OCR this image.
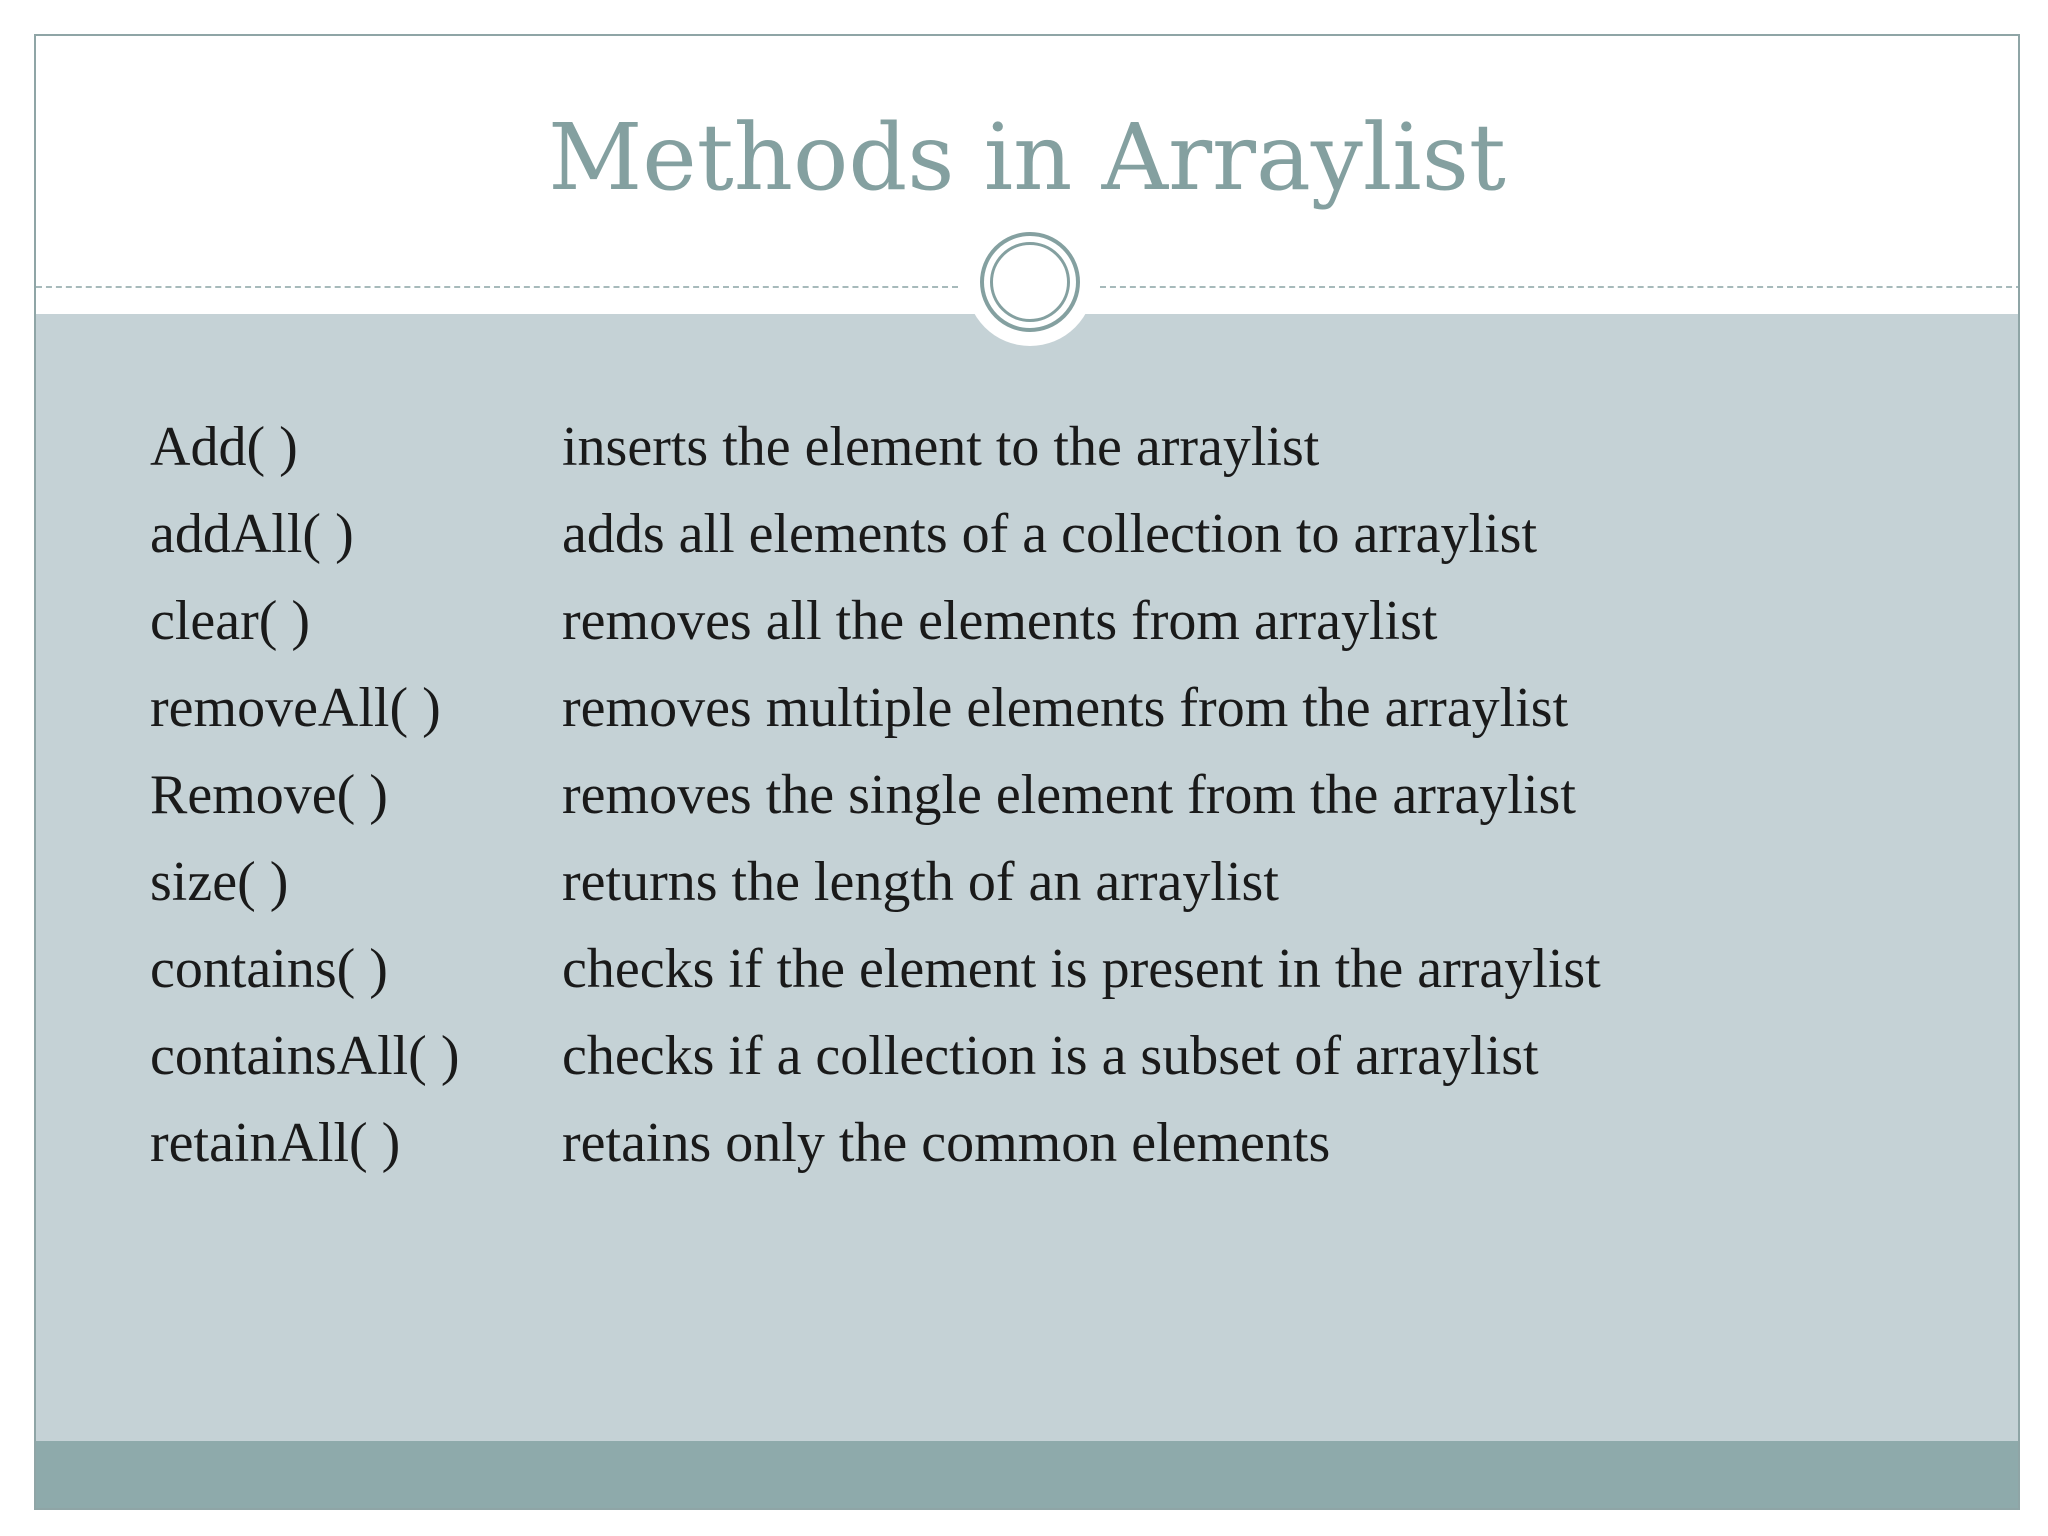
Methods in Arraylist
Add( )	inserts the element to the arraylist
addAll( )	adds all elements of a collection to arraylist
clear( )	removes all the elements from arraylist
removeAll( )	removes multiple elements from the arraylist
Remove( )	removes the single element from the arraylist
size( )	returns the length of an arraylist
contains( )	checks if the element is present in the arraylist
containsAll( )	checks if a collection is a subset of arraylist
retainAll( )	retains only the common elements
